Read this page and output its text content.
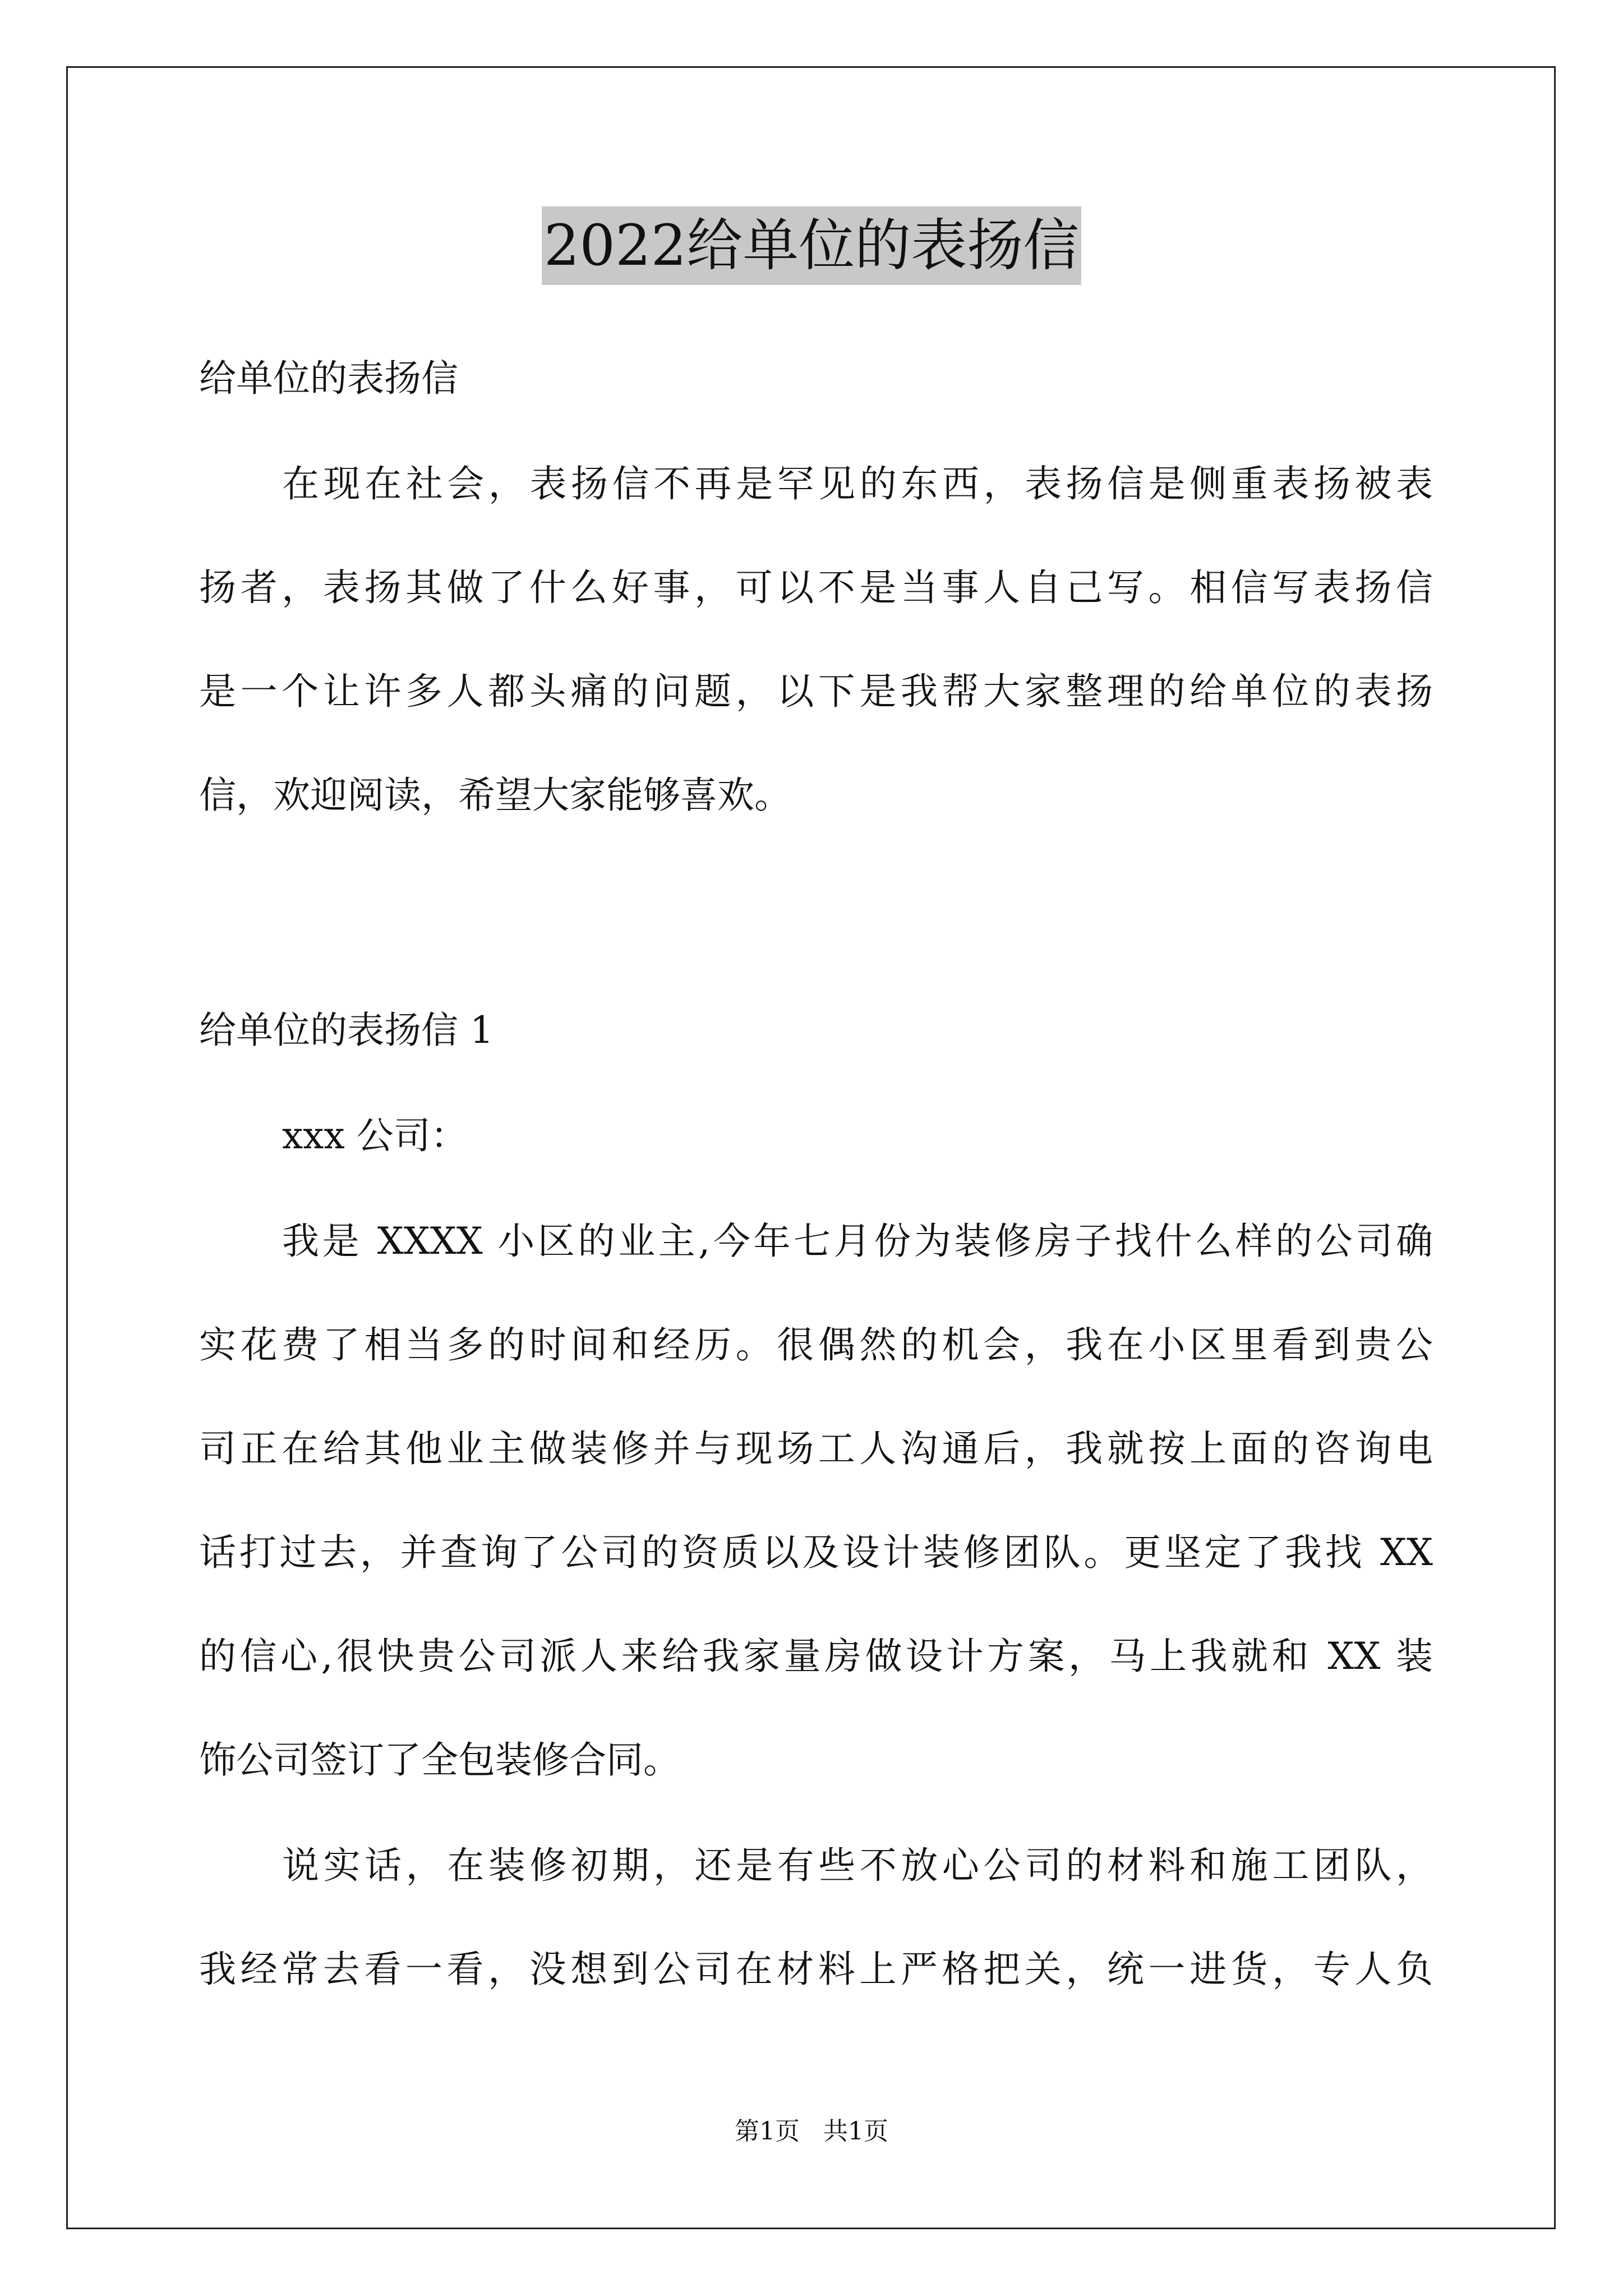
2022给单位的表扬信
给单位的表扬信
在现在社会，表扬信不再是罕见的东西，表扬信是侧重表扬被表
扬者，表扬其做了什么好事，可以不是当事人自己写。相信写表扬信
是一个让许多人都头痛的问题，以下是我帮大家整理的给单位的表扬
信，欢迎阅读，希望大家能够喜欢。
给单位的表扬信 1
xxx 公司：
我是 XXXX 小区的业主,今年七月份为装修房子找什么样的公司确
实花费了相当多的时间和经历。很偶然的机会，我在小区里看到贵公
司正在给其他业主做装修并与现场工人沟通后，我就按上面的咨询电
话打过去，并查询了公司的资质以及设计装修团队。更坚定了我找 XX
的信心,很快贵公司派人来给我家量房做设计方案，马上我就和 XX 装
饰公司签订了全包装修合同。
说实话，在装修初期，还是有些不放心公司的材料和施工团队，
我经常去看一看，没想到公司在材料上严格把关，统一进货，专人负
第1页   共1页
